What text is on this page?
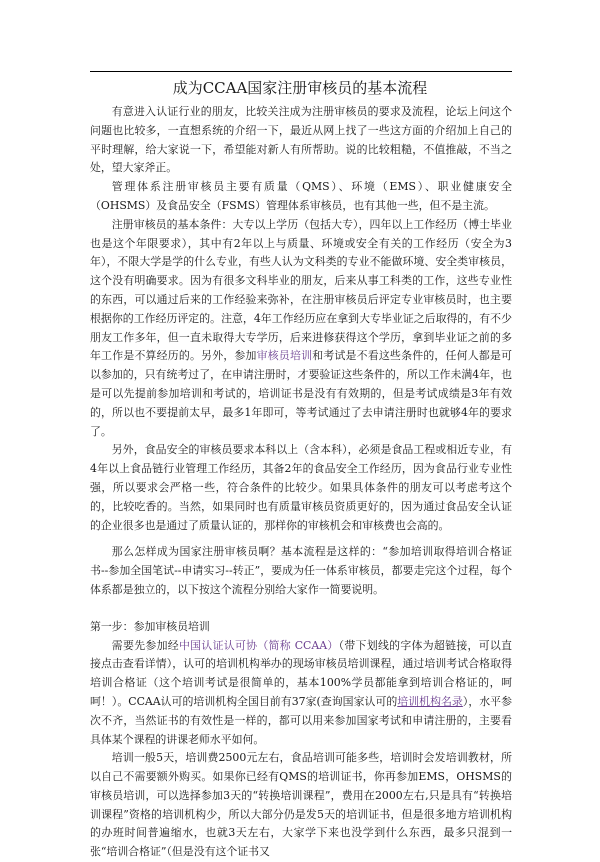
成为CCAA国家注册审核员的基本流程

有意进入认证行业的朋友，比较关注成为注册审核员的要求及流程，论坛上问这个问题也比较多，一直想系统的介绍一下，最近从网上找了一些这方面的介绍加上自己的平时理解，给大家说一下，希望能对新人有所帮助。说的比较粗糙，不值推敲，不当之处，望大家斧正。

管理体系注册审核员主要有质量（QMS）、环境（EMS）、职业健康安全（OHSMS）及食品安全（FSMS）管理体系审核员，也有其他一些，但不是主流。

注册审核员的基本条件：大专以上学历（包括大专），四年以上工作经历（博士毕业也是这个年限要求），其中有2年以上与质量、环境或安全有关的工作经历（安全为3年），不限大学是学的什么专业，有些人认为文科类的专业不能做环境、安全类审核员，这个没有明确要求。因为有很多文科毕业的朋友，后来从事工科类的工作，这些专业性的东西，可以通过后来的工作经验来弥补，在注册审核员后评定专业审核员时，也主要根据你的工作经历评定的。注意，4年工作经历应在拿到大专毕业证之后取得的，有不少朋友工作多年，但一直未取得大专学历，后来进修获得这个学历，拿到毕业证之前的多年工作是不算经历的。另外，参加审核员培训和考试是不看这些条件的，任何人都是可以参加的，只有统考过了，在申请注册时，才要验证这些条件的，所以工作未满4年，也是可以先提前参加培训和考试的，培训证书是没有有效期的，但是考试成绩是3年有效的，所以也不要提前太早，最多1年即可，等考试通过了去申请注册时也就够4年的要求了。

另外，食品安全的审核员要求本科以上（含本科），必须是食品工程或相近专业，有4年以上食品链行业管理工作经历，其备2年的食品安全工作经历，因为食品行业专业性强，所以要求会严格一些，符合条件的比较少。如果具体条件的朋友可以考虑考这个的，比较吃香的。当然，如果同时也有质量审核员资质更好的，因为通过食品安全认证的企业很多也是通过了质量认证的，那样你的审核机会和审核费也会高的。

那么怎样成为国家注册审核员啊？基本流程是这样的：“参加培训取得培训合格证书--参加全国笔试--申请实习--转正”，要成为任一体系审核员，都要走完这个过程，每个体系都是独立的，以下按这个流程分别给大家作一简要说明。

第一步：参加审核员培训

需要先参加经中国认证认可协（简称 CCAA）（带下划线的字体为超链接，可以直接点击查看详情），认可的培训机构举办的现场审核员培训课程，通过培训考试合格取得培训合格证（这个培训考试是很简单的，基本100%学员都能拿到培训合格证的，呵呵！）。CCAA认可的培训机构全国目前有37家(查询国家认可的培训机构名录），水平参次不齐，当然证书的有效性是一样的，都可以用来参加国家考试和申请注册的，主要看具体某个课程的讲课老师水平如何。

培训一般5天，培训费2500元左右，食品培训可能多些，培训时会发培训教材，所以自己不需要额外购买。如果你已经有QMS的培训证书，你再参加EMS，OHSMS的审核员培训，可以选择参加3天的“转换培训课程”，费用在2000左右,只是具有“转换培训课程”资格的培训机构少，所以大部分仍是发5天的培训证书，但是很多地方培训机构的办班时间普遍缩水，也就3天左右，大家学下来也没学到什么东西，最多只混到一张“培训合格证”（但是没有这个证书又
